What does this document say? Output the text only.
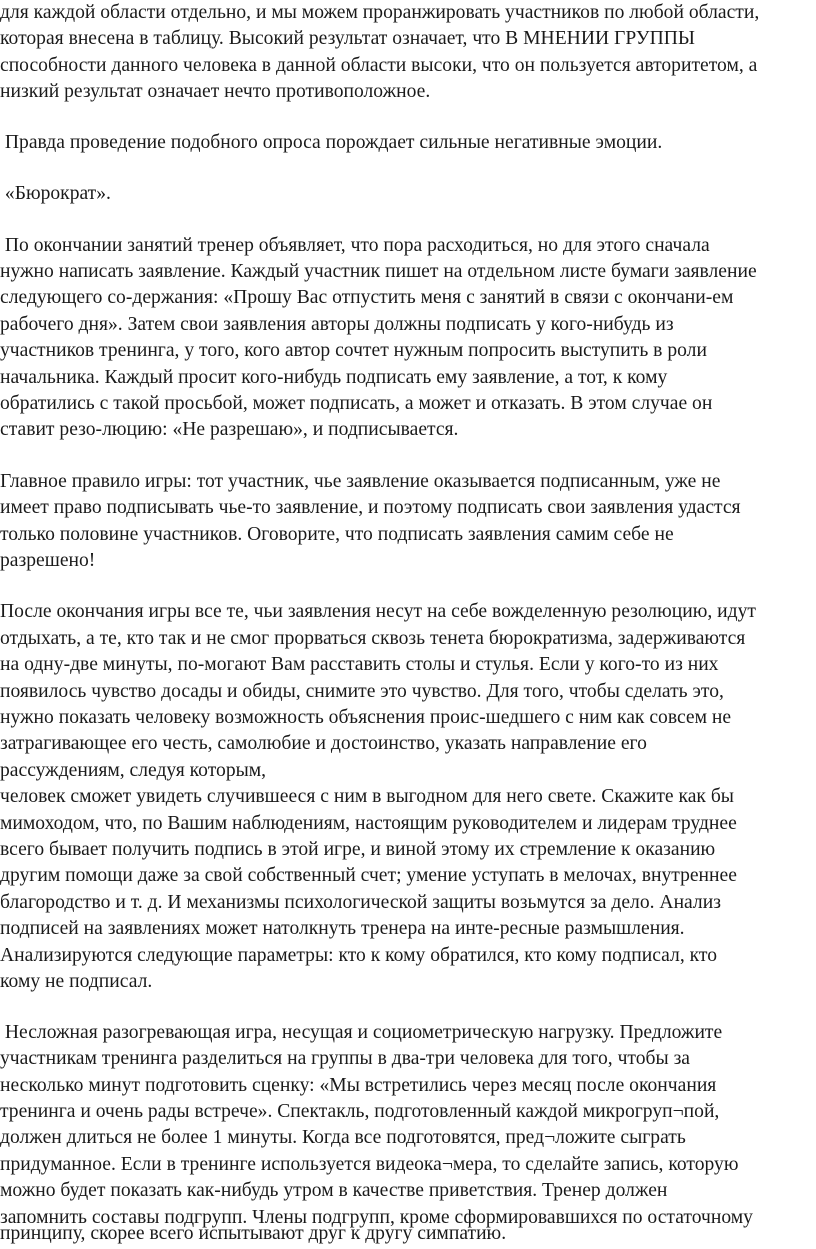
для каждой области отдельно, и мы можем проранжировать участников по любой области,
которая внесена в таблицу. Высокий результат означает, что В МНЕНИИ ГРУППЫ
способности данного человека в данной области высоки, что он пользуется авторитетом, а
низкий результат означает нечто противоположное.
Правда проведение подобного опроса порождает сильные негативные эмоции.
«Бюрократ».
По окончании занятий тренер объявляет, что пора расходиться, но для этого сначала
нужно написать заявление. Каждый участник пишет на отдельном листе бумаги заявление
следующего со-держания: «Прошу Вас отпустить меня с занятий в связи с окончани-ем
рабочего дня». Затем свои заявления авторы должны подписать у кого-нибудь из
участников тренинга, у того, кого автор сочтет нужным попросить выступить в роли
начальника. Каждый просит кого-нибудь подписать ему заявление, а тот, к кому
обратились с такой просьбой, может подписать, а может и отказать. В этом случае он
ставит резо-люцию: «Не разрешаю», и подписывается.
Главное правило игры: тот участник, чье заявление оказывается подписанным, уже не
имеет право подписывать чье-то заявление, и поэтому подписать свои заявления удастся
только половине участников. Оговорите, что подписать заявления самим себе не
разрешено!
После окончания игры все те, чьи заявления несут на себе вожделенную резолюцию, идут
отдыхать, а те, кто так и не смог прорваться сквозь тенета бюрократизма, задерживаются
на одну-две минуты, по-могают Вам расставить столы и стулья. Если у кого-то из них
появилось чувство досады и обиды, снимите это чувство. Для того, чтобы сделать это,
нужно показать человеку возможность объяснения проис-шедшего с ним как совсем не
затрагивающее его честь, самолюбие и достоинство, указать направление его
рассуждениям, следуя которым,
человек сможет увидеть случившееся с ним в выгодном для него свете. Скажите как бы
мимоходом, что, по Вашим наблюдениям, настоящим руководителем и лидерам труднее
всего бывает получить подпись в этой игре, и виной этому их стремление к оказанию
другим помощи даже за свой собственный счет; умение уступать в мелочах, внутреннее
благородство и т. д. И механизмы психологической защиты возьмутся за дело. Анализ
подписей на заявлениях может натолкнуть тренера на инте-ресные размышления.
Анализируются следующие параметры: кто к кому обратился, кто кому подписал, кто
кому не подписал.
Несложная разогревающая игра, несущая и социометрическую нагрузку. Предложите
участникам тренинга разделиться на группы в два-три человека для того, чтобы за
несколько минут подготовить сценку: «Мы встретились через месяц после окончания
тренинга и очень рады встрече». Спектакль, подготовленный каждой микрогруп¬пой,
должен длиться не более 1 минуты. Когда все подготовятся, пред¬ложите сыграть
придуманное. Если в тренинге используется видеока¬мера, то сделайте запись, которую
можно будет показать как-нибудь утром в качестве приветствия. Тренер должен
запомнить составы подгрупп. Члены подгрупп, кроме сформировавшихся по остаточному
принципу, скорее всего испытывают друг к другу симпатию.
